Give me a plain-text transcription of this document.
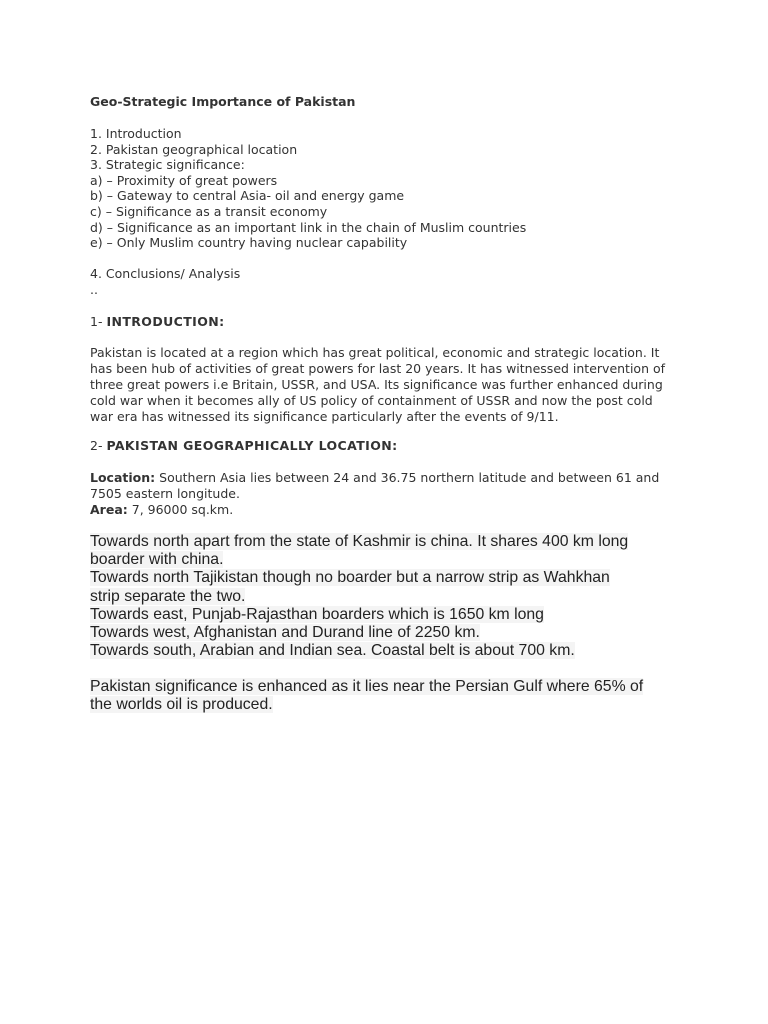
Geo-Strategic Importance of Pakistan
1. Introduction
2. Pakistan geographical location
3. Strategic significance:
a) – Proximity of great powers
b) – Gateway to central Asia- oil and energy game
c) – Significance as a transit economy
d) – Significance as an important link in the chain of Muslim countries
e) – Only Muslim country having nuclear capability
4. Conclusions/ Analysis
..
1- INTRODUCTION:
Pakistan is located at a region which has great political, economic and strategic location. It
has been hub of activities of great powers for last 20 years. It has witnessed intervention of
three great powers i.e Britain, USSR, and USA. Its significance was further enhanced during
cold war when it becomes ally of US policy of containment of USSR and now the post cold
war era has witnessed its significance particularly after the events of 9/11.
2- PAKISTAN GEOGRAPHICALLY LOCATION:
Location: Southern Asia lies between 24 and 36.75 northern latitude and between 61 and
7505 eastern longitude.
Area: 7, 96000 sq.km.
Towards north apart from the state of Kashmir is china. It shares 400 km long
boarder with china.
Towards north Tajikistan though no boarder but a narrow strip as Wahkhan
strip separate the two.
Towards east, Punjab-Rajasthan boarders which is 1650 km long
Towards west, Afghanistan and Durand line of 2250 km.
Towards south, Arabian and Indian sea. Coastal belt is about 700 km.
Pakistan significance is enhanced as it lies near the Persian Gulf where 65% of
the worlds oil is produced.
